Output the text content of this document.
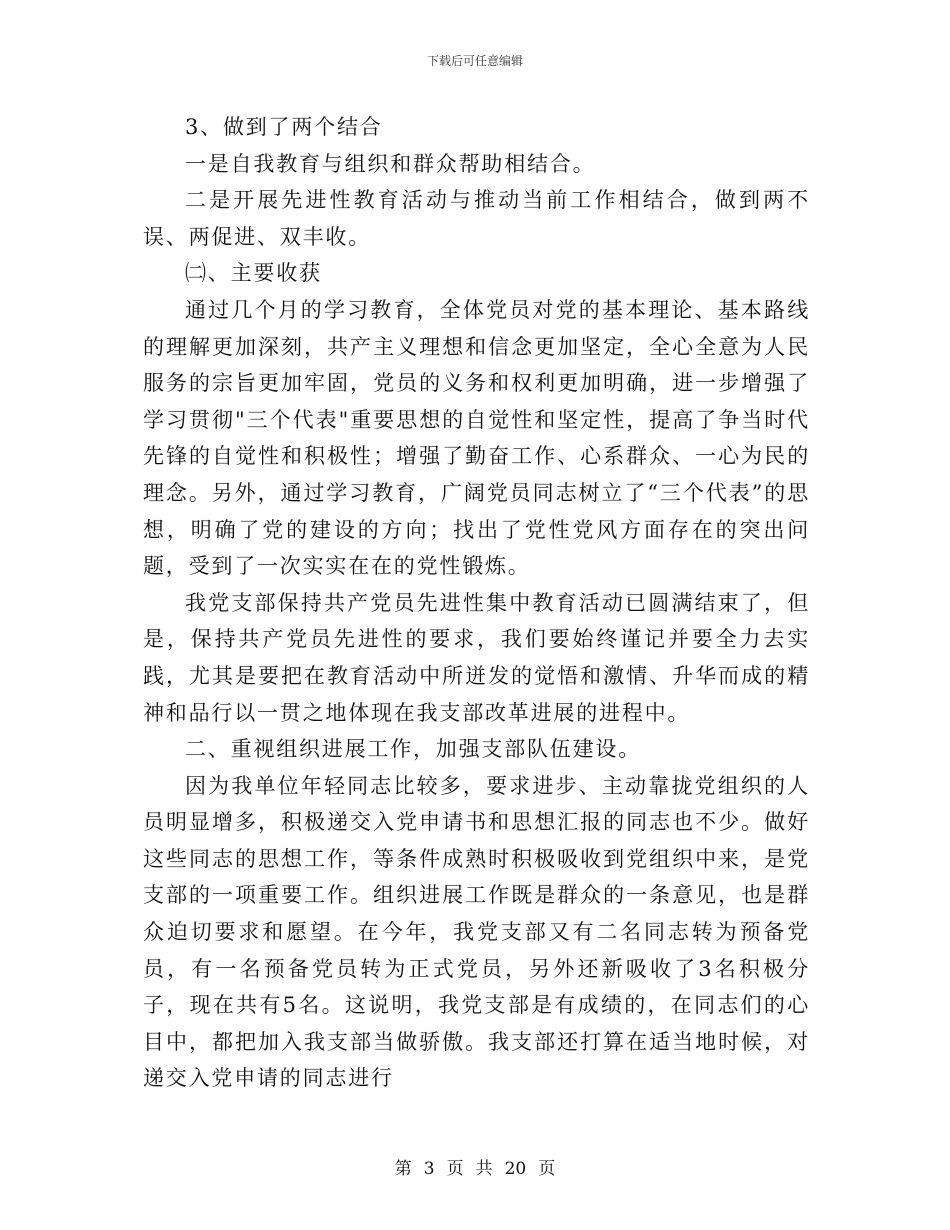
下载后可任意编辑

3、做到了两个结合

一是自我教育与组织和群众帮助相结合。

二是开展先进性教育活动与推动当前工作相结合，做到两不误、两促进、双丰收。

㈡、主要收获

通过几个月的学习教育，全体党员对党的基本理论、基本路线的理解更加深刻，共产主义理想和信念更加坚定，全心全意为人民服务的宗旨更加牢固，党员的义务和权利更加明确，进一步增强了学习贯彻"三个代表"重要思想的自觉性和坚定性，提高了争当时代先锋的自觉性和积极性；增强了勤奋工作、心系群众、一心为民的理念。另外，通过学习教育，广阔党员同志树立了“三个代表”的思想，明确了党的建设的方向；找出了党性党风方面存在的突出问题，受到了一次实实在在的党性锻炼。

我党支部保持共产党员先进性集中教育活动已圆满结束了，但是，保持共产党员先进性的要求，我们要始终谨记并要全力去实践，尤其是要把在教育活动中所迸发的觉悟和激情、升华而成的精神和品行以一贯之地体现在我支部改革进展的进程中。

二、重视组织进展工作，加强支部队伍建设。

因为我单位年轻同志比较多，要求进步、主动靠拢党组织的人员明显增多，积极递交入党申请书和思想汇报的同志也不少。做好这些同志的思想工作，等条件成熟时积极吸收到党组织中来，是党支部的一项重要工作。组织进展工作既是群众的一条意见，也是群众迫切要求和愿望。在今年，我党支部又有二名同志转为预备党员，有一名预备党员转为正式党员，另外还新吸收了3名积极分子，现在共有5名。这说明，我党支部是有成绩的，在同志们的心目中，都把加入我支部当做骄傲。我支部还打算在适当地时候，对递交入党申请的同志进行

第 3 页 共 20 页
